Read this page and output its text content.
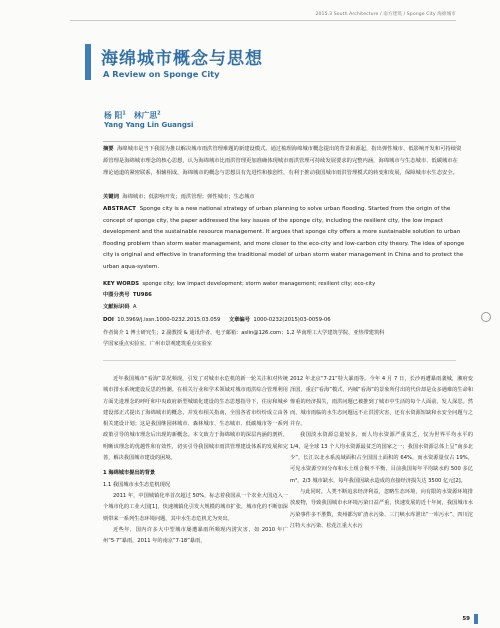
2015.3 South Architecture / 南方建筑 / Sponge City 海绵城市
海绵城市概念与思想
A Review on Sponge City
杨 阳$^1$ 林广思$^2$
Yang Yang Lin Guangsi
摘要 海绵城市是当下我国为推以解决城市雨洪管理难题的新建设模式。通过梳理海绵城市概念提出的背景和源起，指出弹性城市、低影响开发和可持续资源管理是海绵城市理念的核心思想，认为海绵城市比雨洪管理更加准确体现城市雨洪管理可持续发展要求的完整内涵，海绵城市与生态城市、低碳城市在理论通道的紧密联系，相辅相成，海绵城市的概念与思想具有先进性和独创性，有利于推动我国城市雨洪管理模式的转变和发展，保障城市水生态安全。
关键词 海绵城市；低影响开发；雨洪管理；弹性城市；生态城市
ABSTRACT Sponge city is a new national strategy of urban planning to solve urban flooding. Started from the origin of the concept of sponge city, the paper addressed the key issues of the sponge city, including the resilient city, the low impact development and the sustainable resource management. It argues that sponge city offers a more sustainable solution to urban flooding problem than storm water management, and more closer to the eco-city and low-carbon city theory. The idea of sponge city is original and effective in transforming the traditional model of urban storm water management in China and to protect the urban aqua-system.
KEY WORDS sponge city; low impact development; storm water management; resilient city; eco-city
中图分类号 TU986
文献标识码 A
DOI 10.3969/j.issn.1000-0232.2015.03.059 文章编号 1000-0232(2015)03-0059-06
作者简介 1 博士研究生；2 副教授 & 通讯作者，电子邮箱：aslin@126.com；1,2 华南理工大学建筑学院、亚热带建筑科
学国家重点实验室、广州市景观建筑重点实验室

近年我国城市“看海”景况频现，引发了对城市水危机的新一轮关注和对传统城市排水系统建设反思的热潮。在相关行业和学术领域对城市雨洪综合管理利用方面先进理念的呼吁和中央政府新型城镇化建设的生态思想指导下，住房和城乡建设部正式提出了海绵城市的概念，并发布相关指南，全国各省市纷纷成立由各相关建设计划；这是我国继园林城市、森林城市、生态城市、低碳城市等一系列政策引导的城市理念后出现的新概念。本文致力于海绵城市的深层内涵的剖析，明晰该理念的优越性和有效性，切实引导我国城市雨洪管理建设体系的发展和完善，解决我国城市建设的困境。

1 海绵城市提出的背景

1.1 我国城市水生态危机现况

2011 年，中国城镇化率首次超过 50%，标志着我国从一个农业大国迈入一个城市化的工业大国[1]，快速城镇化引发大规模的城市扩张，城市化的不断加深则带来一系列生态环境问题，其中水生态危机尤为突出。

近些年，国内许多大中型城市屡遭暴雨所频现内涝灾害，如 2010 年广州“5·7”暴雨，2011 年的南京“7·18”暴雨，

2012 年北京“7·21”特大暴雨等。今年 4 月 7 日，长沙再遭暴雨袭城，湘府变泽国，重启“看海”模式，内城“看海”的景象所付出的代价却是众多遇难的生命和惨重的经济损失，雨洪问题已被推到了城市中生活的每个人面前，发人深思。然而，城市雨临的水生态问题远不止洪涝灾害，还有水资源短缺和水安全问题与之并存。

我国淡水资源总量较多，而人均水资源严重贫乏，仅为世界平均水平的 1/4，是全球 13 个人均水资源最贫乏的国家之一；我国水资源总体上呈“南多北少”，长江以北水系流域面积占全国国土面积的 64%，而水资源量仅占 19%，可见水资源空间分布和水土组合极不平衡，目前我国每年平均缺水约 500 多亿 m³，2/3 城市缺水，每年我国因缺水造成的直接经济损失达 3500 亿元[2]。

与此同时，人类不断追求经济利益，忽略生态环境，向有限的水资源环境排放废物，导致我国城市水环境污染日益严重，快速发展的近十年间，我国城市水污染事件多不胜数，贵州都匀矿渣水污染、三门峡水库泄出“一库污水”、四川沱江特大水污染、松花江重大水污

59
